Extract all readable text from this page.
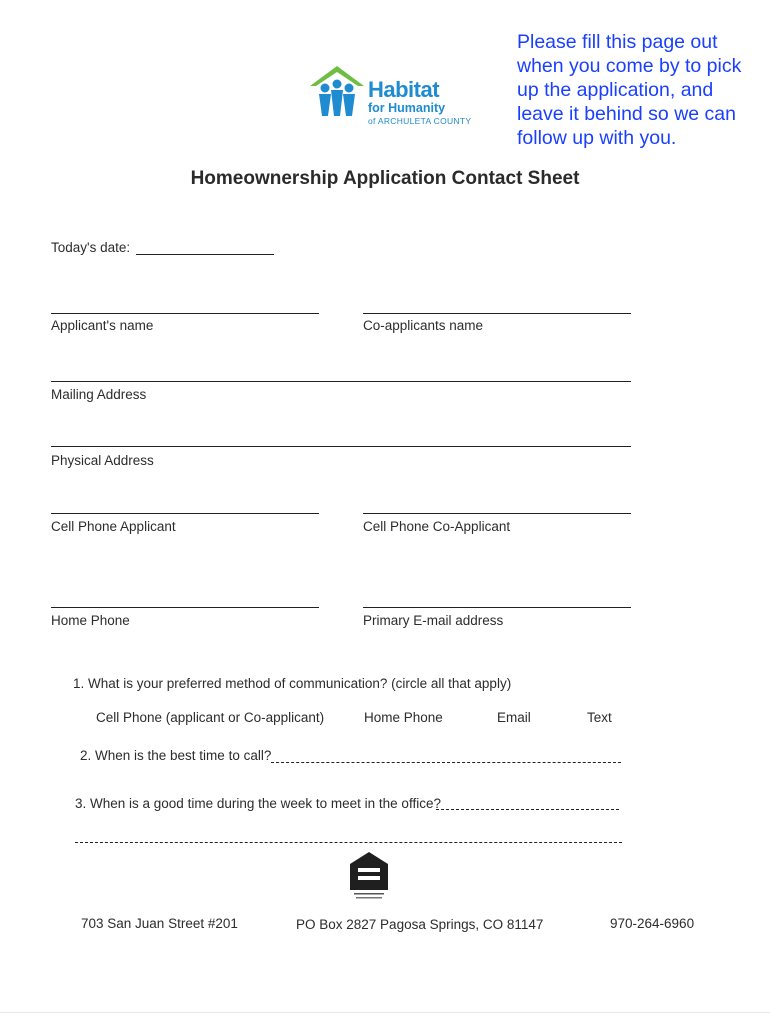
Habitat
for Humanity
of ARCHULETA COUNTY
Please fill this page out when you come by to pick up the application, and leave it behind so we can follow up with you.
Homeownership Application Contact Sheet
Today's date:
Applicant's name	Co-applicants name
Mailing Address
Physical Address
Cell Phone Applicant	Cell Phone Co-Applicant
Home Phone	Primary E-mail address
1. What is your preferred method of communication? (circle all that apply)
Cell Phone (applicant or Co-applicant)	Home Phone	Email	Text
2. When is the best time to call?
3. When is a good time during the week to meet in the office?
703 San Juan Street #201	PO Box 2827 Pagosa Springs, CO 81147	970-264-6960
